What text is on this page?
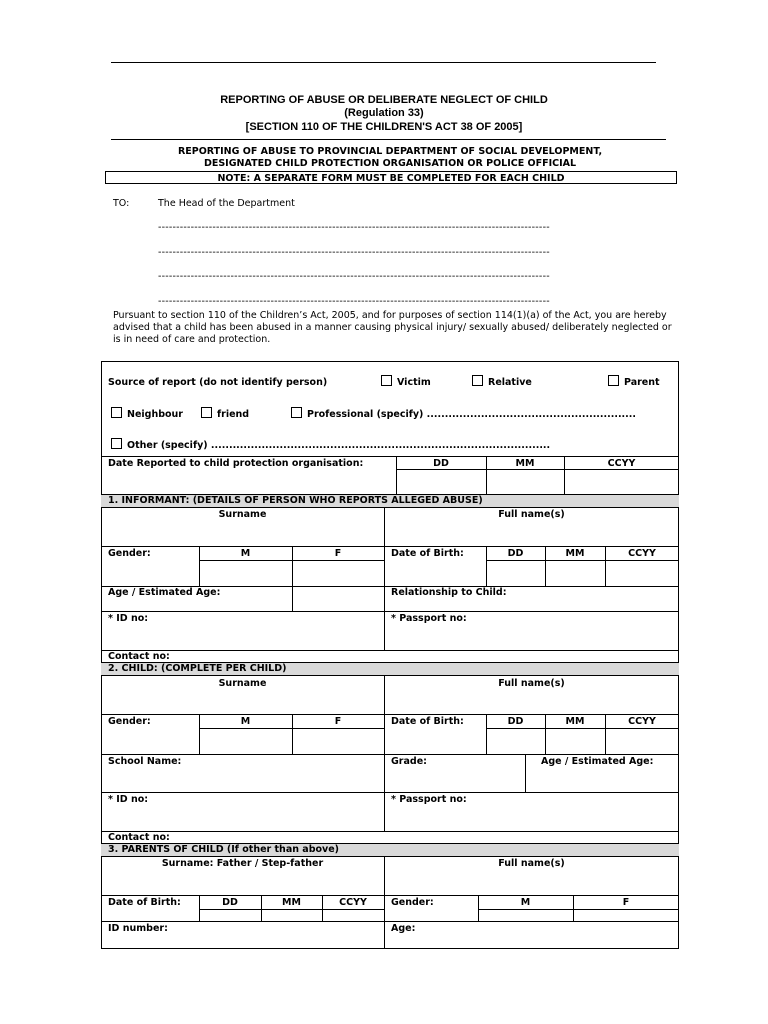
REPORTING OF ABUSE OR DELIBERATE NEGLECT OF CHILD
(Regulation 33)
[SECTION 110 OF THE CHILDREN'S ACT 38 OF 2005]
REPORTING OF ABUSE TO PROVINCIAL DEPARTMENT OF SOCIAL DEVELOPMENT,
DESIGNATED CHILD PROTECTION ORGANISATION OR POLICE OFFICIAL
NOTE: A SEPARATE FORM MUST BE COMPLETED FOR EACH CHILD
TO:	The Head of the Department
------------------------------------------------------------------------------------------------------------
------------------------------------------------------------------------------------------------------------
------------------------------------------------------------------------------------------------------------
------------------------------------------------------------------------------------------------------------
Pursuant to section 110 of the Children’s Act, 2005, and for purposes of section 114(1)(a) of the Act, you are hereby advised that a child has been abused in a manner causing physical injury/ sexually abused/ deliberately neglected or is in need of care and protection.
Source of report (do not identify person)	Victim	Relative	Parent
Neighbour	friend	Professional (specify) ..........................................................
Other (specify) ..............................................................................................
Date Reported to child protection organisation:	DD	MM	CCYY
1. INFORMANT: (DETAILS OF PERSON WHO REPORTS ALLEGED ABUSE)
Surname	Full name(s)
Gender:	M	F	Date of Birth:	DD	MM	CCYY
Age / Estimated Age:	Relationship to Child:
* ID no:	* Passport no:
Contact no:
2. CHILD: (COMPLETE PER CHILD)
Surname	Full name(s)
Gender:	M	F	Date of Birth:	DD	MM	CCYY
School Name:	Grade:	Age / Estimated Age:
* ID no:	* Passport no:
Contact no:
3. PARENTS OF CHILD (If other than above)
Surname: Father / Step-father	Full name(s)
Date of Birth:	DD	MM	CCYY	Gender:	M	F
ID number:	Age:
